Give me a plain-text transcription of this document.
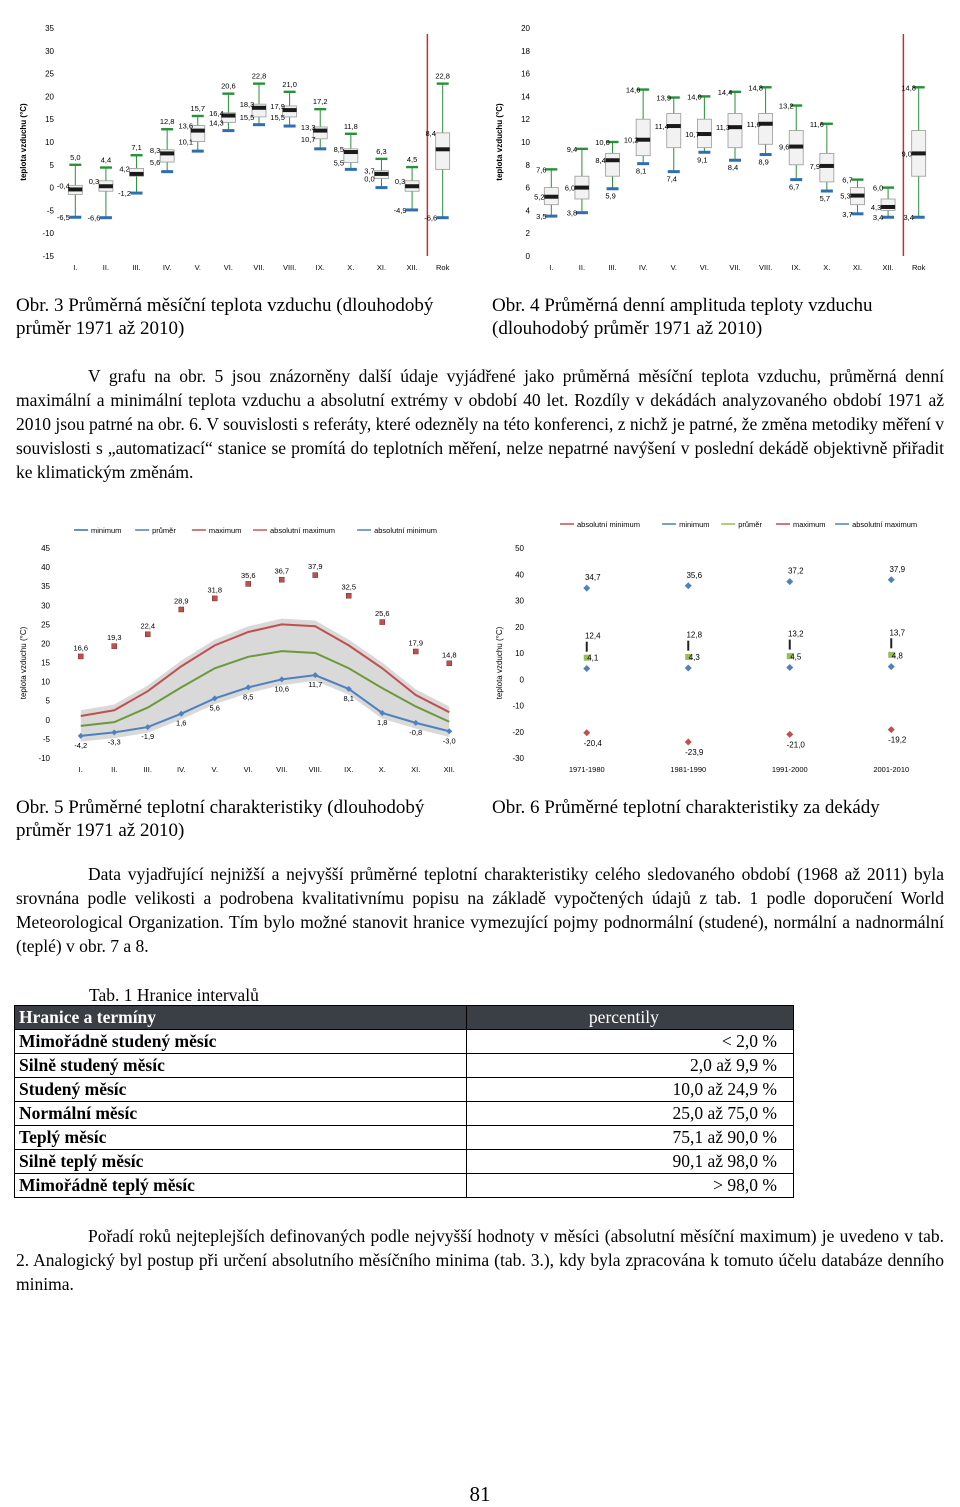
teplota vzduchu (°C)
35
30
25
20
15
10
5
0
-5
-10
-15
I.	II.	III.	IV.	V.	VI.	VII. VIII.	IX.	X.	XI.	XII. Rok
5,0	4,4
7,1
12,8
15,7
20,6
22,8
21,0
17,2
11,8
6,3
4,5
22,8
-0,4
0,3
4,2
8,3
13,6
16,4
18,3 17,9
13,3
8,5
3,7
0,3
8,4
5,6
10,1
14,3
15,5 15,5
10,7
5,5
0,0
-6,5 -6,6
-1,2
-4,9
-6,6
teplota vzduchu (°C)
20
18
16
14
12
10
8
6
4
2
0
I.	II.	III.	IV.	V.	VI.	VII. VIII.	IX.	X.	XI.	XII. Rok
7,6
9,4
10,0
14,6
13,9 14,0
14,4
14,8
13,2
11,6
6,7
6,0
14,8
5,2
6,0
8,4
10,2
11,4
10,7
11,3 11,6
9,6
7,9
5,3
4,3
9,0
5,9
8,1
7,4
9,1
8,4
8,9
6,7
5,7
3,5	3,8	3,7	3,4	3,4
Obr. 3 Průměrná měsíční teplota vzduchu (dlouhodobý průměr 1971 až 2010)
Obr. 4 Průměrná denní amplituda teploty vzduchu (dlouhodobý průměr 1971 až 2010)
V grafu na obr. 5 jsou znázorněny další údaje vyjádřené jako průměrná měsíční teplota vzduchu, průměrná denní maximální a minimální teplota vzduchu a absolutní extrémy v období 40 let. Rozdíly v dekádách analyzovaného období 1971 až 2010 jsou patrné na obr. 6. V souvislosti s referáty, které odezněly na této konferenci, z nichž je patrné, že změna metodiky měření v souvislosti s „automatizací“ stanice se promítá do teplotních měření, nelze nepatrné navýšení v poslední dekádě objektivně přiřadit ke klimatickým změnám.
minimum	průměr	maximum	absolutní maximum	absolutní minimum
teplota vzduchu (°C)
45
40
35
30
25
20
15
10
5
0
-5
-10
I.	II.	III.	IV.	V.	VI.	VII.	VIII.	IX.	X.	XI.	XII.
16,6
19,3
22,4
28,9
31,8
35,6	36,7
37,9
32,5
25,6
17,9
14,8
-4,2	-3,3
-1,9
1,6
5,6
8,5
10,6	11,7
8,1
1,8
-0,8
-3,0
absolutní minimum	minimum	průměr	maximum	absolutní maximum
teplota vzduchu (°C)
50
40
30
20
10
0
-10
-20
-30
1971-1980	1981-1990	1991-2000	2001-2010
-20,4
-23,9
-21,0
-19,2
4,1	4,3	4,5	4,8
12,4	12,8	13,2	13,7
34,7	35,6	37,2	37,9
Obr. 5 Průměrné teplotní charakteristiky (dlouhodobý průměr 1971 až 2010)
Obr. 6 Průměrné teplotní charakteristiky za dekády
Data vyjadřující nejnižší a nejvyšší průměrné teplotní charakteristiky celého sledovaného období (1968 až 2011) byla srovnána podle velikosti a podrobena kvalitativnímu popisu na základě vypočtených údajů z tab. 1 podle doporučení World Meteorological Organization. Tím bylo možné stanovit hranice vymezující pojmy podnormální (studené), normální a nadnormální (teplé) v obr. 7 a 8.
Tab. 1 Hranice intervalů
Hranice a termíny	percentily
Mimořádně studený měsíc	< 2,0 %
Silně studený měsíc	2,0 až 9,9 %
Studený měsíc	10,0 až 24,9 %
Normální měsíc	25,0 až 75,0 %
Teplý měsíc	75,1 až 90,0 %
Silně teplý měsíc	90,1 až 98,0 %
Mimořádně teplý měsíc	> 98,0 %
Pořadí roků nejteplejších definovaných podle nejvyšší hodnoty v měsíci (absolutní měsíční maximum) je uvedeno v tab. 2. Analogický byl postup při určení absolutního měsíčního minima (tab. 3.), kdy byla zpracována k tomuto účelu databáze denního minima.
81
